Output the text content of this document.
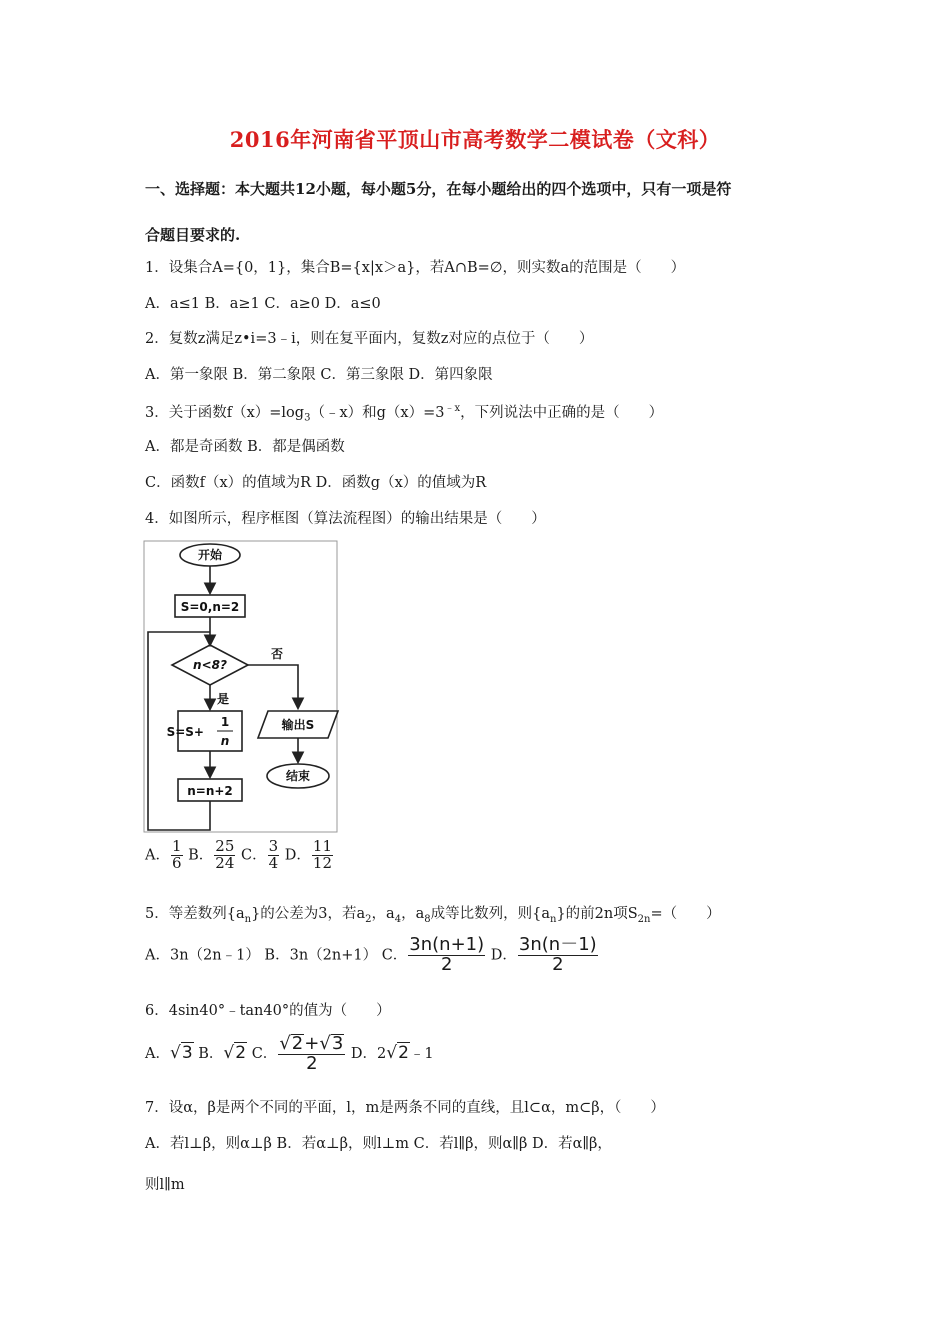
2016年河南省平顶山市高考数学二模试卷（文科）
一、选择题：本大题共12小题，每小题5分，在每小题给出的四个选项中，只有一项是符
合题目要求的.
1．设集合A={0，1}，集合B={x|x＞a}，若A∩B=∅，则实数a的范围是（　　）
A．a≤1 B．a≥1 C．a≥0 D．a≤0
2．复数z满足z•i=3﹣i，则在复平面内，复数z对应的点位于（　　）
A．第一象限 B．第二象限 C．第三象限 D．第四象限
3．关于函数$f(x)=\log_3(﹣x)$和$g(x)=3^{﹣x}$，下列说法中正确的是（　　）
A．都是奇函数 B．都是偶函数
C．函数f（x）的值域为R D．函数g（x）的值域为R
4．如图所示，程序框图（算法流程图）的输出结果是（　　）
开始
S=0,n=2
n<8?
否
是
S=S+
1
n
输出S
n=n+2
结束
A． $\frac{1}{6}$ B． $\frac{25}{24}$ C． $\frac{3}{4}$ D． $\frac{11}{12}$
5．等差数列$\{a_n\}$的公差为3，若$a_2$，$a_4$，$a_8$成等比数列，则$\{a_n\}$的前2n项$S_{2n}=$（　　）
A．3n（2n﹣1） B．3n（2n+1） C． $\frac{3n(n+1)}{2}$ D． $\frac{3n(n-1)}{2}$
6．4sin40°﹣tan40°的值为（　　）
A．√3 B．√2 C． $\frac{√2+√3}{2}$ D．2√2﹣1
7．设α，β是两个不同的平面，l，m是两条不同的直线，且l⊂α，m⊂β，（　　）
A．若l⊥β，则α⊥β B．若α⊥β，则l⊥m C．若l∥β，则α∥β D．若α∥β，
则l∥m
